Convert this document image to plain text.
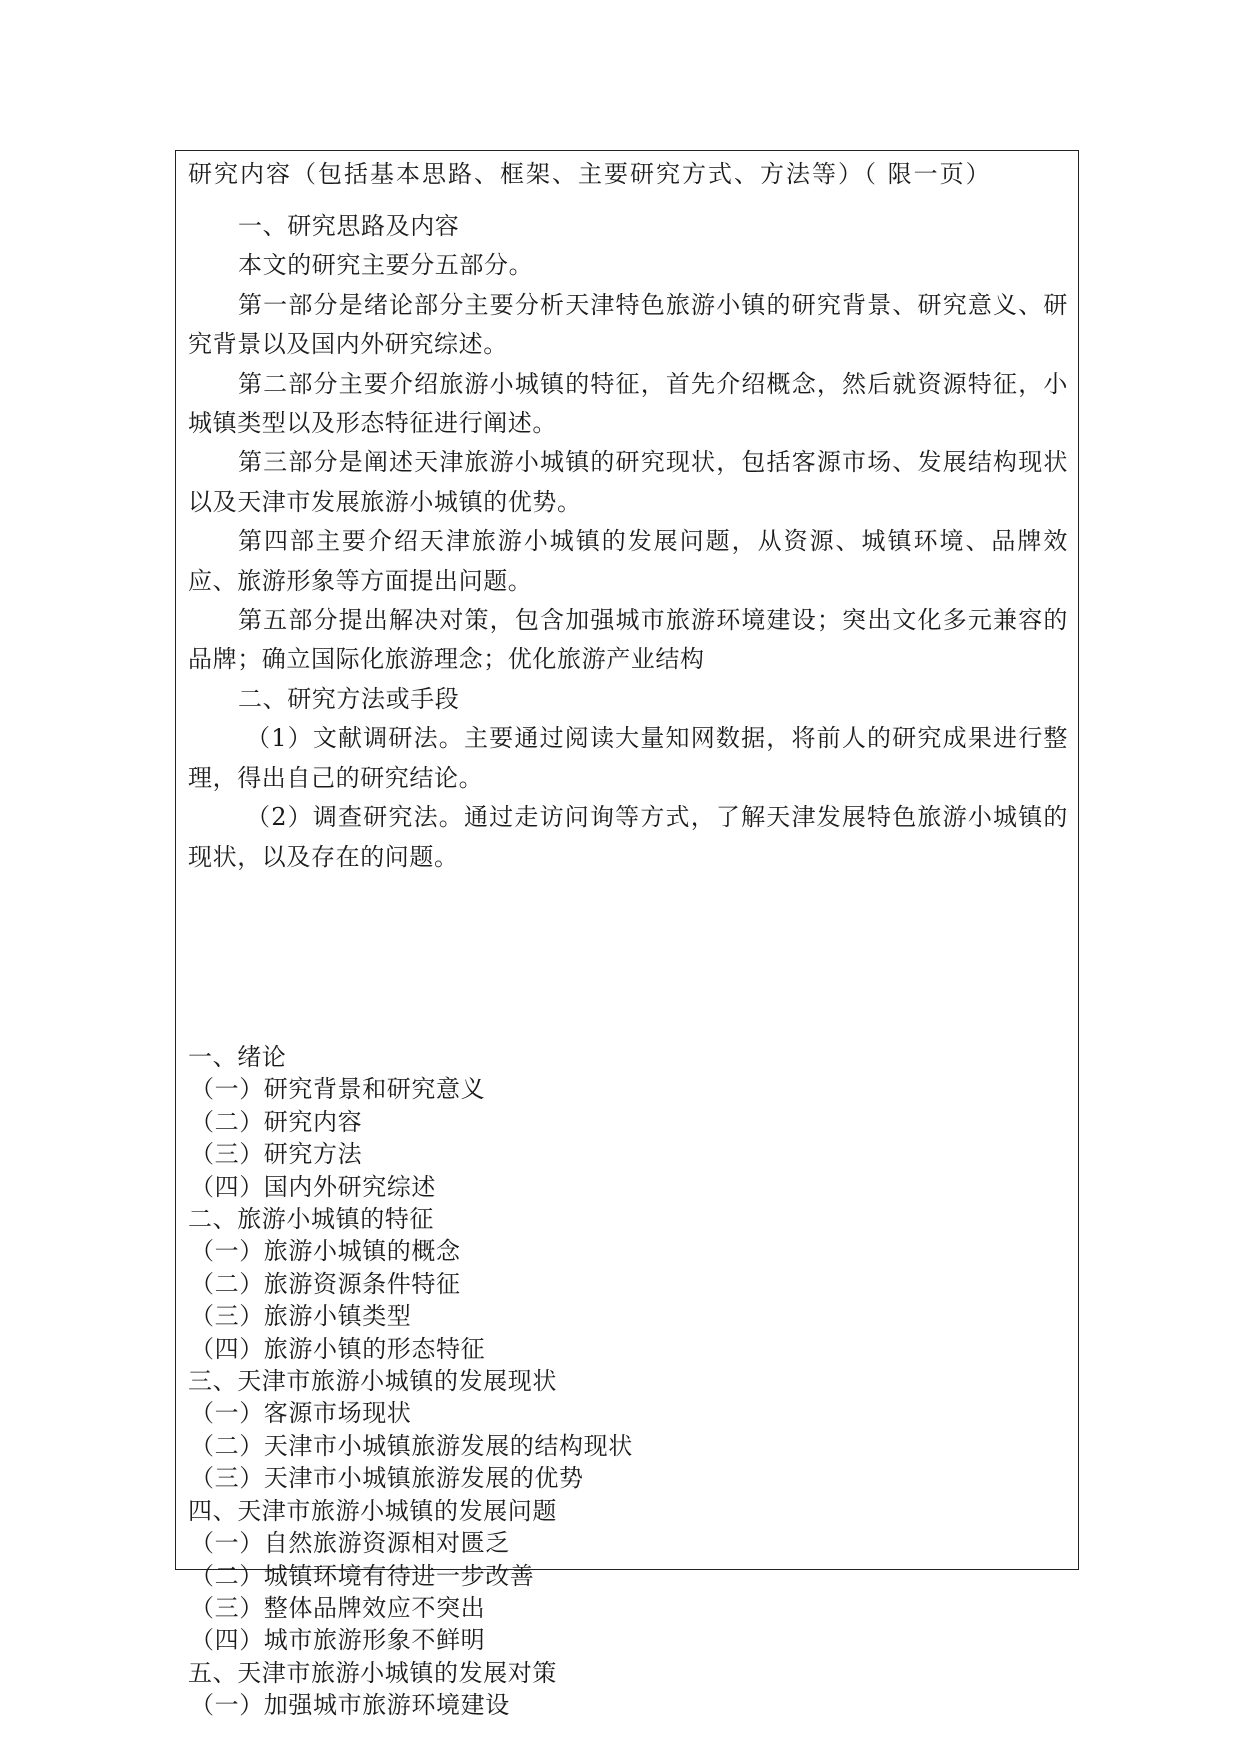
研究内容（包括基本思路、框架、主要研究方式、方法等）（ 限一页）

一、研究思路及内容

本文的研究主要分五部分。

第一部分是绪论部分主要分析天津特色旅游小镇的研究背景、研究意义、研究背景以及国内外研究综述。

第二部分主要介绍旅游小城镇的特征，首先介绍概念，然后就资源特征，小城镇类型以及形态特征进行阐述。

第三部分是阐述天津旅游小城镇的研究现状，包括客源市场、发展结构现状以及天津市发展旅游小城镇的优势。

第四部主要介绍天津旅游小城镇的发展问题，从资源、城镇环境、品牌效应、旅游形象等方面提出问题。

第五部分提出解决对策，包含加强城市旅游环境建设；突出文化多元兼容的品牌；确立国际化旅游理念；优化旅游产业结构

二、研究方法或手段

（1）文献调研法。主要通过阅读大量知网数据，将前人的研究成果进行整理，得出自己的研究结论。

（2）调查研究法。通过走访问询等方式，了解天津发展特色旅游小城镇的现状，以及存在的问题。

一、绪论

（一）研究背景和研究意义

（二）研究内容

（三）研究方法

（四）国内外研究综述

二、旅游小城镇的特征

（一）旅游小城镇的概念

（二）旅游资源条件特征

（三）旅游小镇类型

（四）旅游小镇的形态特征

三、天津市旅游小城镇的发展现状

（一）客源市场现状

（二）天津市小城镇旅游发展的结构现状

（三）天津市小城镇旅游发展的优势

四、天津市旅游小城镇的发展问题

（一）自然旅游资源相对匮乏

（二）城镇环境有待进一步改善

（三）整体品牌效应不突出

（四）城市旅游形象不鲜明

五、天津市旅游小城镇的发展对策

（一）加强城市旅游环境建设
